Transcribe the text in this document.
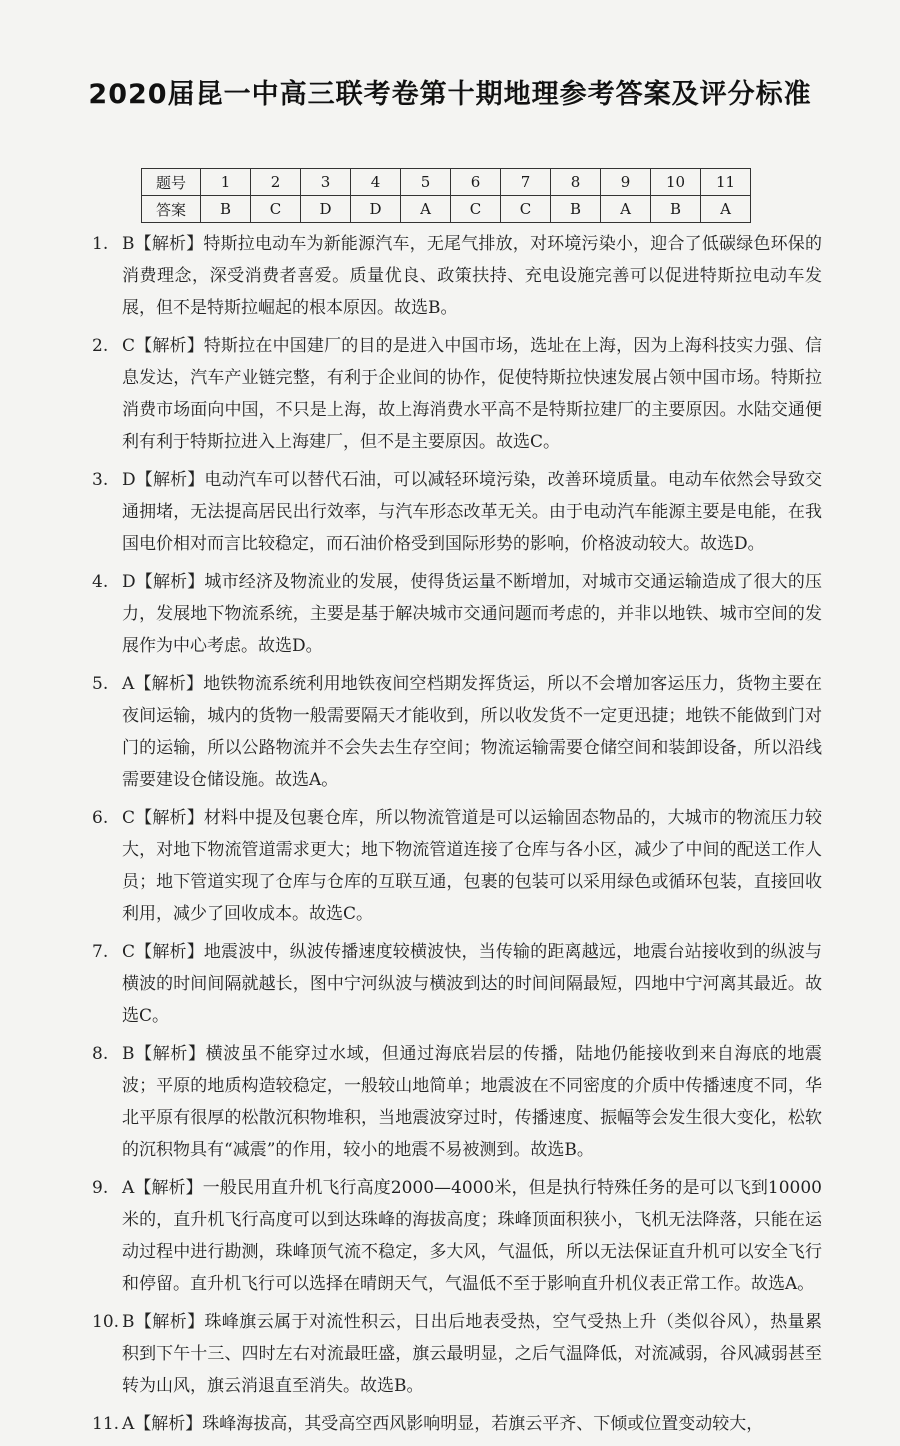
2020届昆一中高三联考卷第十期地理参考答案及评分标准
题号	1	2	3	4	5	6	7	8	9	10	11
答案	B	C	D	D	A	C	C	B	A	B	A
1. B【解析】特斯拉电动车为新能源汽车，无尾气排放，对环境污染小，迎合了低碳绿色环保的消费理念，深受消费者喜爱。质量优良、政策扶持、充电设施完善可以促进特斯拉电动车发展，但不是特斯拉崛起的根本原因。故选B。
2. C【解析】特斯拉在中国建厂的目的是进入中国市场，选址在上海，因为上海科技实力强、信息发达，汽车产业链完整，有利于企业间的协作，促使特斯拉快速发展占领中国市场。特斯拉消费市场面向中国，不只是上海，故上海消费水平高不是特斯拉建厂的主要原因。水陆交通便利有利于特斯拉进入上海建厂，但不是主要原因。故选C。
3. D【解析】电动汽车可以替代石油，可以减轻环境污染，改善环境质量。电动车依然会导致交通拥堵，无法提高居民出行效率，与汽车形态改革无关。由于电动汽车能源主要是电能，在我国电价相对而言比较稳定，而石油价格受到国际形势的影响，价格波动较大。故选D。
4. D【解析】城市经济及物流业的发展，使得货运量不断增加，对城市交通运输造成了很大的压力，发展地下物流系统，主要是基于解决城市交通问题而考虑的，并非以地铁、城市空间的发展作为中心考虑。故选D。
5. A【解析】地铁物流系统利用地铁夜间空档期发挥货运，所以不会增加客运压力，货物主要在夜间运输，城内的货物一般需要隔天才能收到，所以收发货不一定更迅捷；地铁不能做到门对门的运输，所以公路物流并不会失去生存空间；物流运输需要仓储空间和装卸设备，所以沿线需要建设仓储设施。故选A。
6. C【解析】材料中提及包裹仓库，所以物流管道是可以运输固态物品的，大城市的物流压力较大，对地下物流管道需求更大；地下物流管道连接了仓库与各小区，减少了中间的配送工作人员；地下管道实现了仓库与仓库的互联互通，包裹的包装可以采用绿色或循环包装，直接回收利用，减少了回收成本。故选C。
7. C【解析】地震波中，纵波传播速度较横波快，当传输的距离越远，地震台站接收到的纵波与横波的时间间隔就越长，图中宁河纵波与横波到达的时间间隔最短，四地中宁河离其最近。故选C。
8. B【解析】横波虽不能穿过水域，但通过海底岩层的传播，陆地仍能接收到来自海底的地震波；平原的地质构造较稳定，一般较山地简单；地震波在不同密度的介质中传播速度不同，华北平原有很厚的松散沉积物堆积，当地震波穿过时，传播速度、振幅等会发生很大变化，松软的沉积物具有“减震”的作用，较小的地震不易被测到。故选B。
9. A【解析】一般民用直升机飞行高度2000—4000米，但是执行特殊任务的是可以飞到10000米的，直升机飞行高度可以到达珠峰的海拔高度；珠峰顶面积狭小，飞机无法降落，只能在运动过程中进行勘测，珠峰顶气流不稳定，多大风，气温低，所以无法保证直升机可以安全飞行和停留。直升机飞行可以选择在晴朗天气，气温低不至于影响直升机仪表正常工作。故选A。
10. B【解析】珠峰旗云属于对流性积云，日出后地表受热，空气受热上升（类似谷风），热量累积到下午十三、四时左右对流最旺盛，旗云最明显，之后气温降低，对流减弱，谷风减弱甚至转为山风，旗云消退直至消失。故选B。
11. A【解析】珠峰海拔高，其受高空西风影响明显，若旗云平齐、下倾或位置变动较大，
